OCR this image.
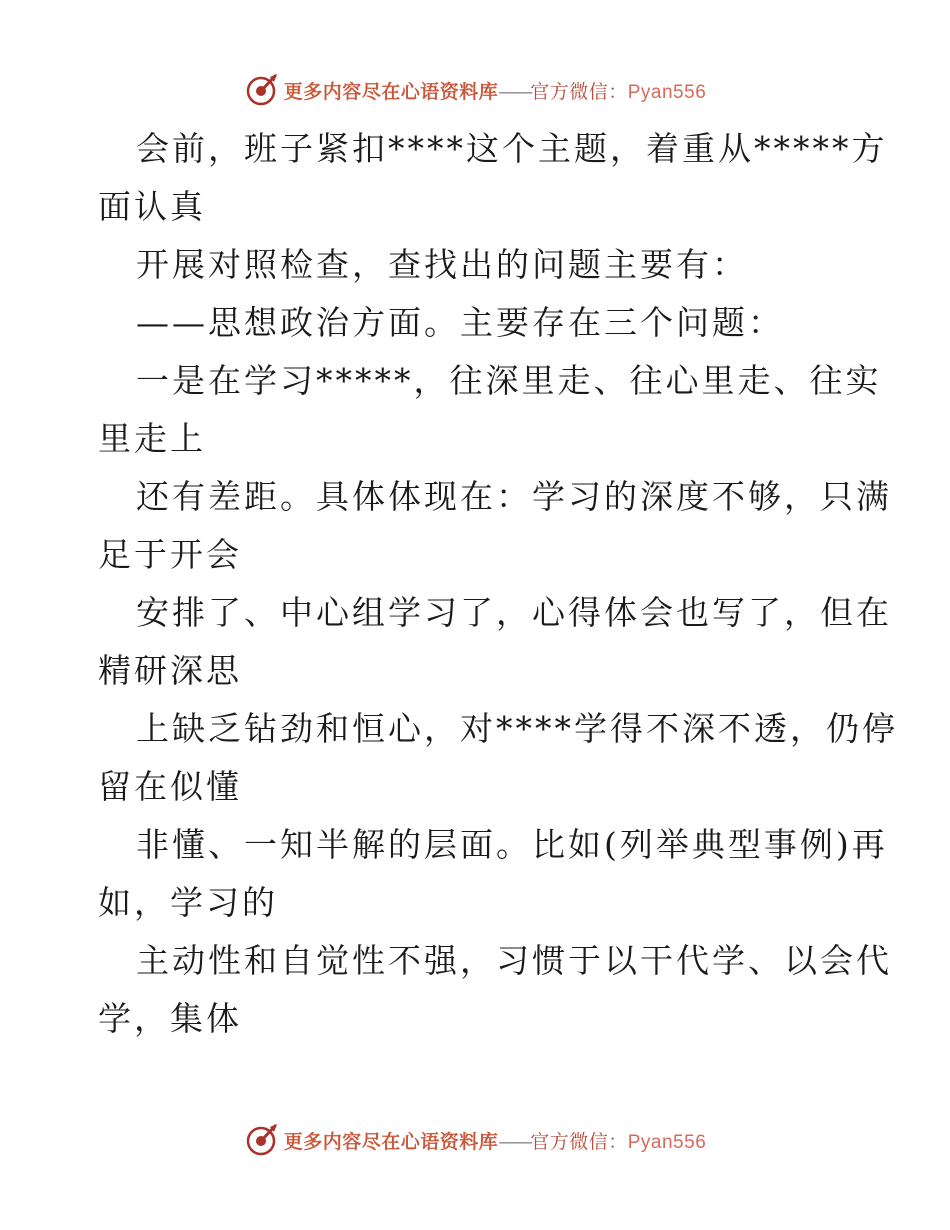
更多内容尽在心语资料库——官方微信：Pyan556

会前，班子紧扣****这个主题，着重从*****方

面认真

开展对照检查，查找出的问题主要有：

——思想政治方面。主要存在三个问题：

一是在学习*****，往深里走、往心里走、往实

里走上

还有差距。具体体现在：学习的深度不够，只满

足于开会

安排了、中心组学习了，心得体会也写了，但在

精研深思

上缺乏钻劲和恒心，对****学得不深不透，仍停

留在似懂

非懂、一知半解的层面。比如(列举典型事例)再

如，学习的

主动性和自觉性不强，习惯于以干代学、以会代

学，集体

更多内容尽在心语资料库——官方微信：Pyan556
